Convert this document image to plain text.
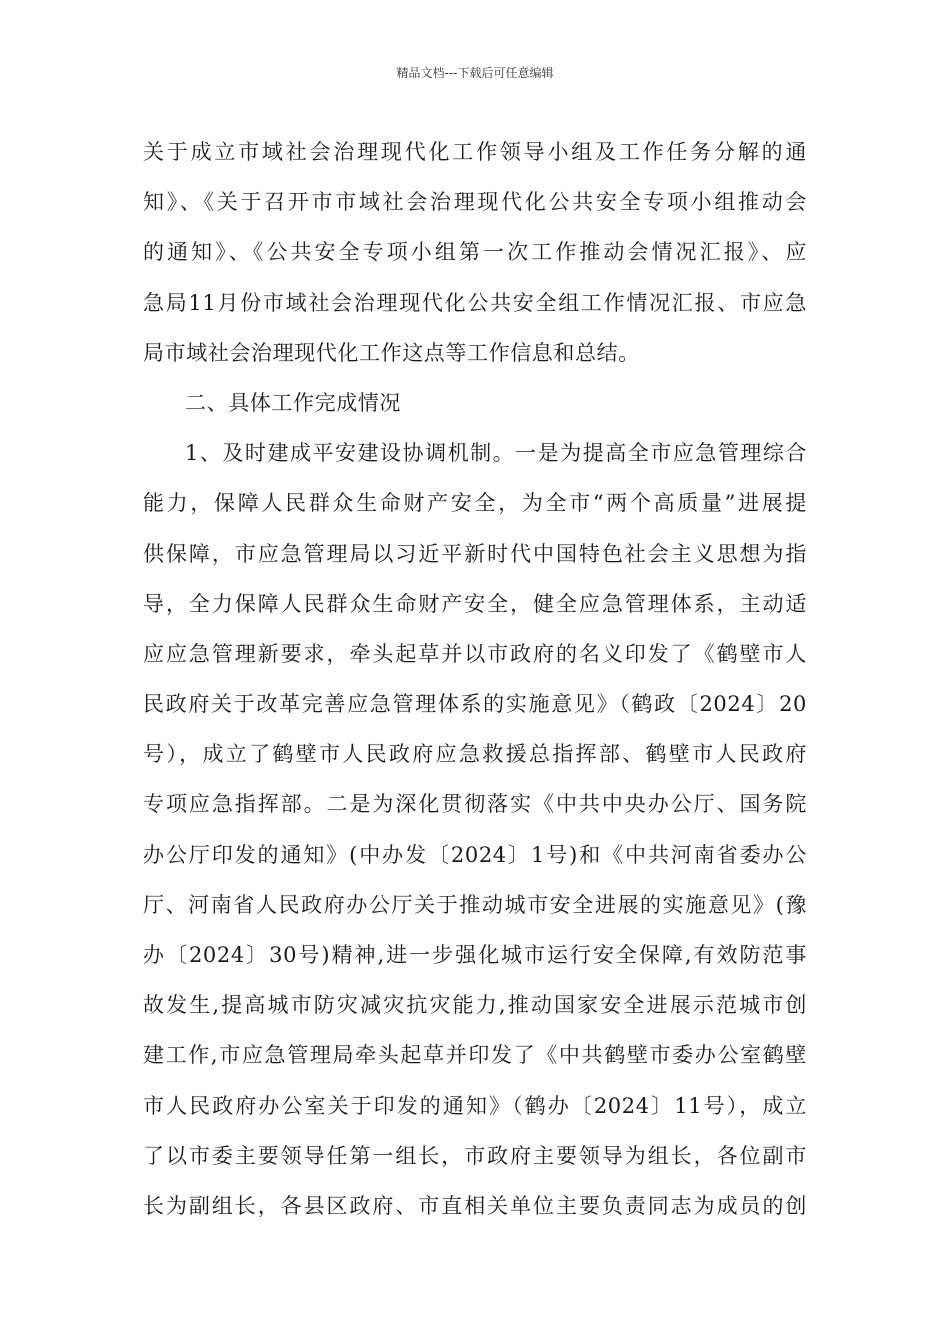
精品文档---下载后可任意编辑
关于成立市域社会治理现代化工作领导小组及工作任务分解的通
知》、《关于召开市市域社会治理现代化公共安全专项小组推动会
的通知》、《公共安全专项小组第一次工作推动会情况汇报》、应
急局11月份市域社会治理现代化公共安全组工作情况汇报、市应急
局市域社会治理现代化工作这点等工作信息和总结。
二、具体工作完成情况
1、及时建成平安建设协调机制。一是为提高全市应急管理综合
能力，保障人民群众生命财产安全，为全市“两个高质量”进展提
供保障，市应急管理局以习近平新时代中国特色社会主义思想为指
导，全力保障人民群众生命财产安全，健全应急管理体系，主动适
应应急管理新要求，牵头起草并以市政府的名义印发了《鹤壁市人
民政府关于改革完善应急管理体系的实施意见》（鹤政〔2024〕20
号），成立了鹤壁市人民政府应急救援总指挥部、鹤壁市人民政府
专项应急指挥部。二是为深化贯彻落实《中共中央办公厅、国务院
办公厅印发的通知》(中办发〔2024〕1号)和《中共河南省委办公
厅、河南省人民政府办公厅关于推动城市安全进展的实施意见》(豫
办〔2024〕30号)精神,进一步强化城市运行安全保障,有效防范事
故发生,提高城市防灾减灾抗灾能力,推动国家安全进展示范城市创
建工作,市应急管理局牵头起草并印发了《中共鹤壁市委办公室鹤壁
市人民政府办公室关于印发的通知》（鹤办〔2024〕11号），成立
了以市委主要领导任第一组长，市政府主要领导为组长，各位副市
长为副组长，各县区政府、市直相关单位主要负责同志为成员的创
